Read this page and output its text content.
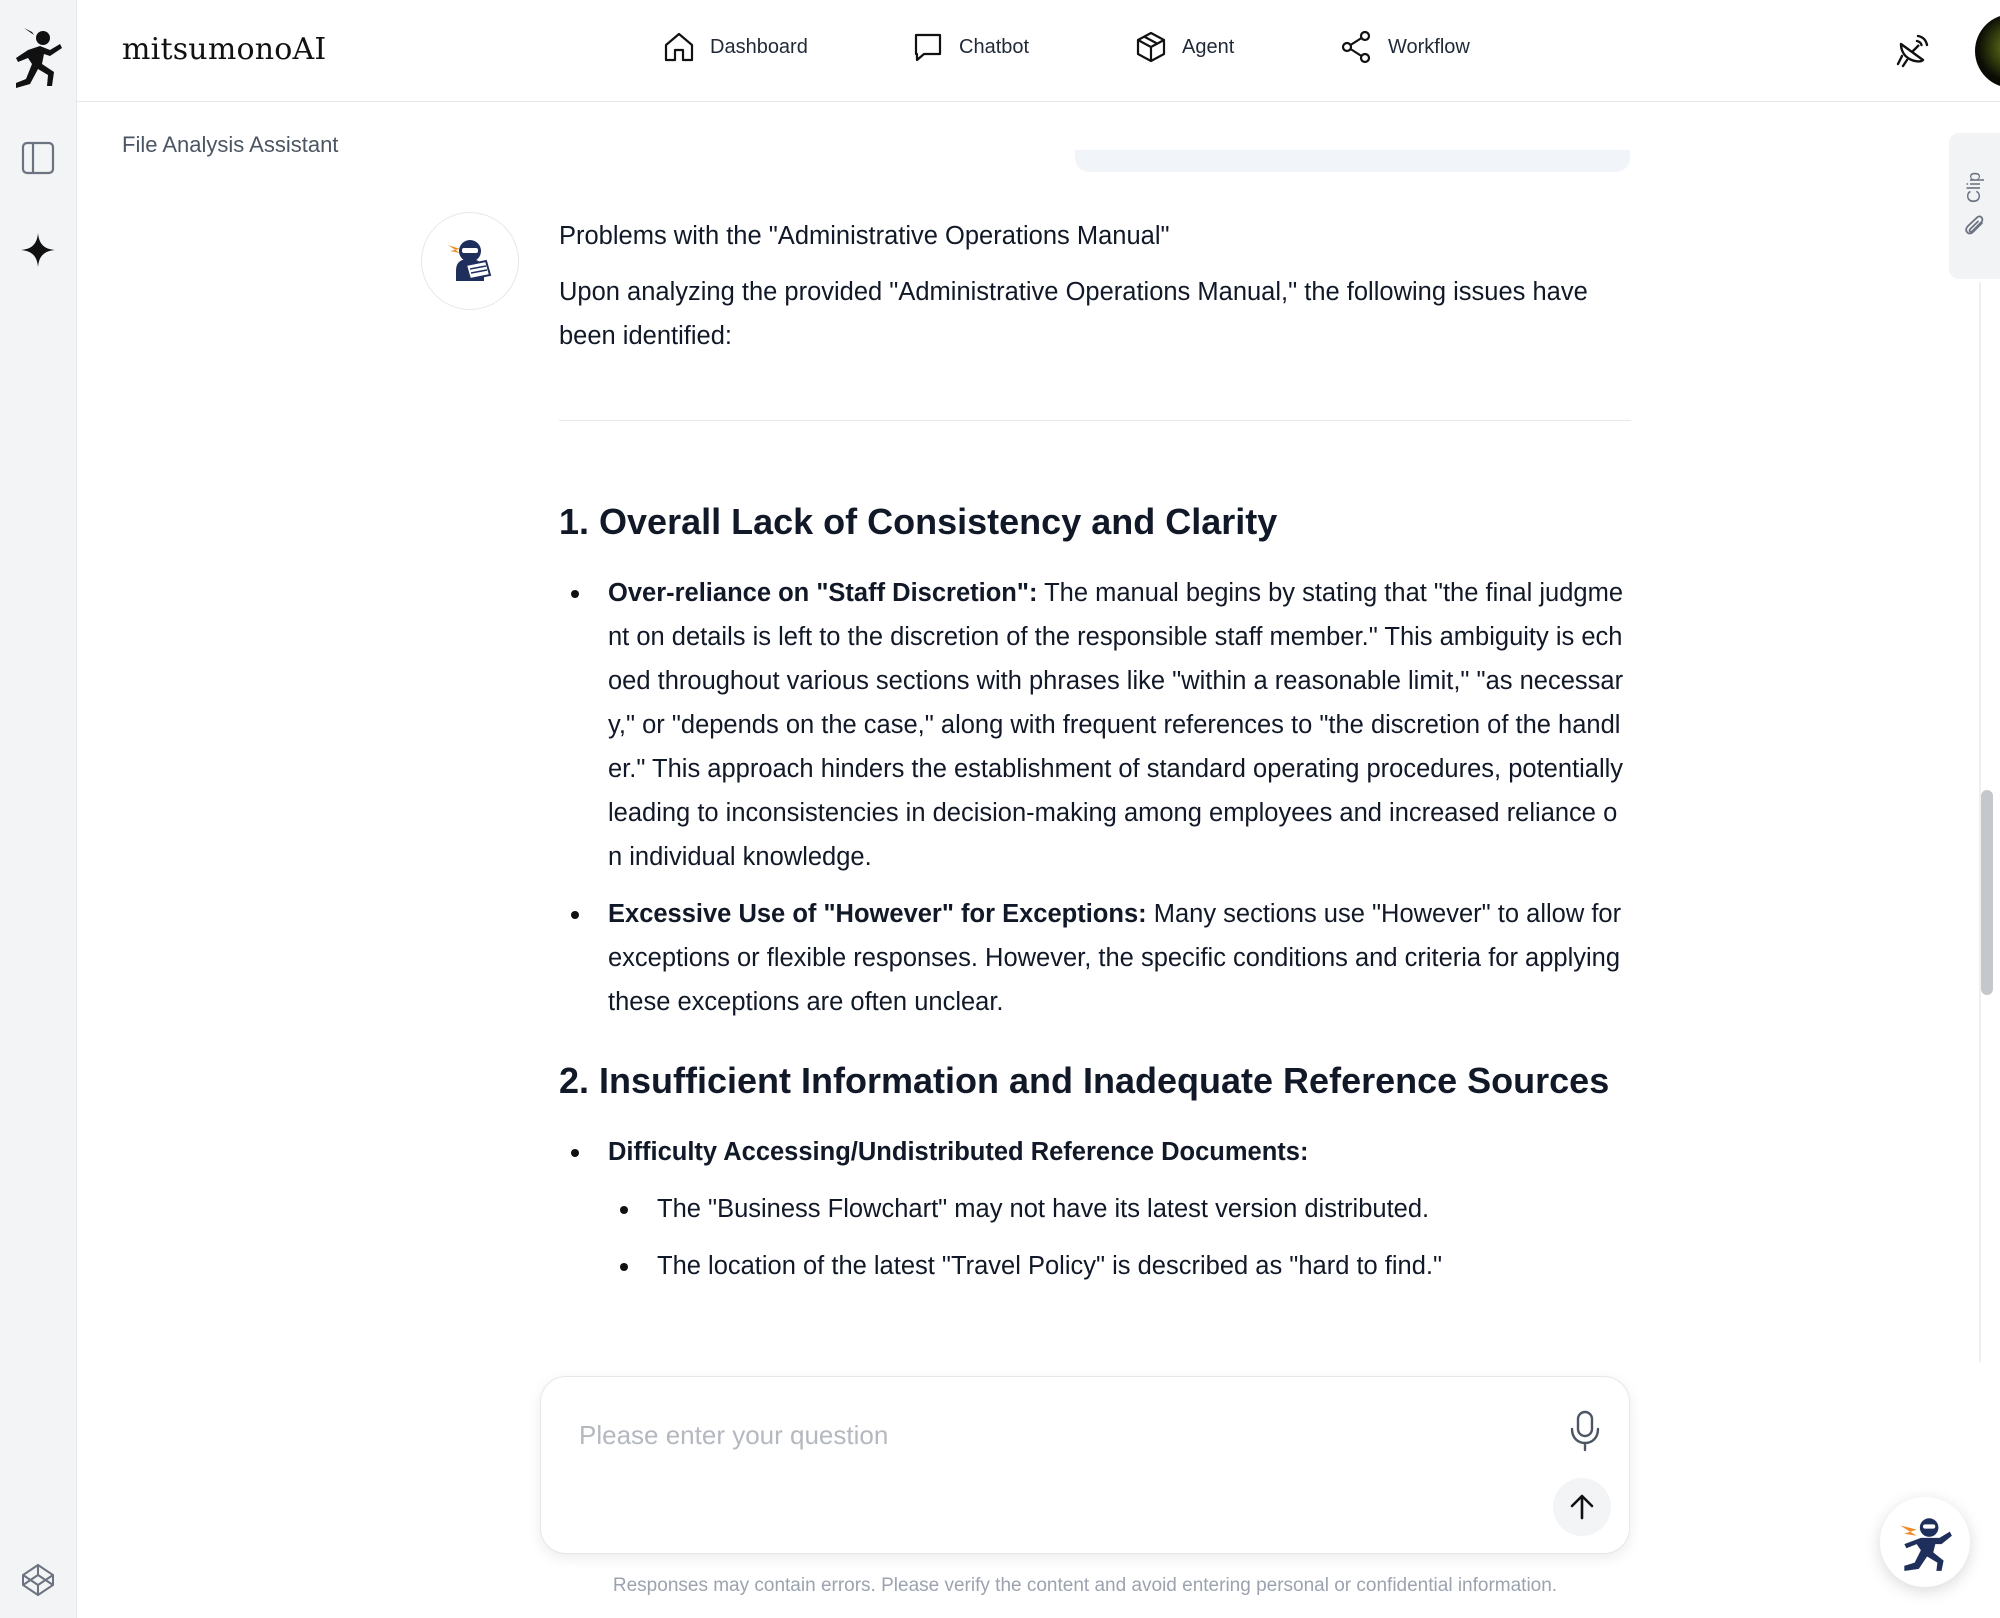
mitsumonoAI	Dashboard	Chatbot	Agent	Workflow
File Analysis Assistant

Problems with the "Administrative Operations Manual"

Upon analyzing the provided "Administrative Operations Manual," the following issues have been identified:

1. Overall Lack of Consistency and Clarity
Over-reliance on "Staff Discretion": The manual begins by stating that "the final judgment on details is left to the discretion of the responsible staff member." This ambiguity is echoed throughout various sections with phrases like "within a reasonable limit," "as necessary," or "depends on the case," along with frequent references to "the discretion of the handler." This approach hinders the establishment of standard operating procedures, potentially leading to inconsistencies in decision-making among employees and increased reliance on individual knowledge.
Excessive Use of "However" for Exceptions: Many sections use "However" to allow for exceptions or flexible responses. However, the specific conditions and criteria for applying these exceptions are often unclear.
2. Insufficient Information and Inadequate Reference Sources
Difficulty Accessing/Undistributed Reference Documents:
The "Business Flowchart" may not have its latest version distributed.
The location of the latest "Travel Policy" is described as "hard to find."
Clip
Please enter your question
Responses may contain errors. Please verify the content and avoid entering personal or confidential information.
